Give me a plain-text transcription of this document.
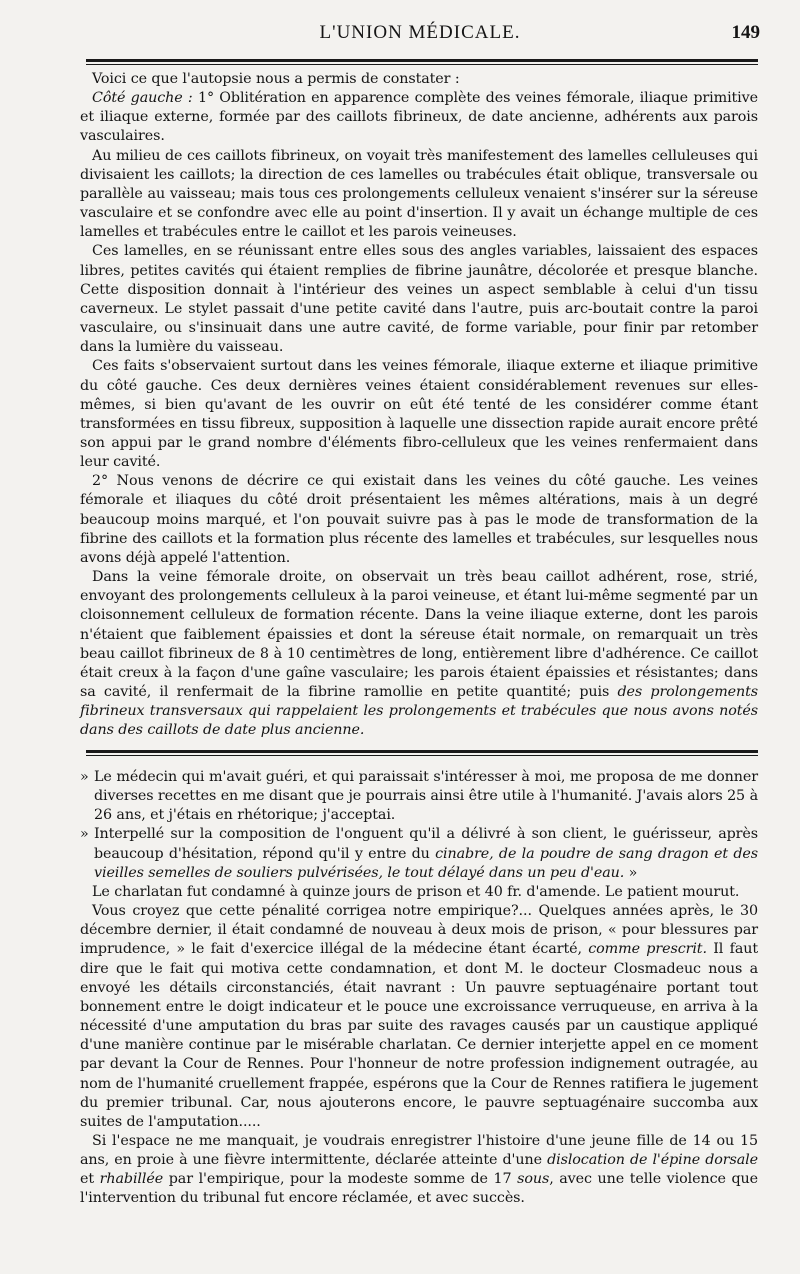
L'UNION MÉDICALE.	149

Voici ce que l'autopsie nous a permis de constater :

Côté gauche : 1° Oblitération en apparence complète des veines fémorale, iliaque primitive et iliaque externe, formée par des caillots fibrineux, de date ancienne, adhérents aux parois vasculaires.

Au milieu de ces caillots fibrineux, on voyait très manifestement des lamelles celluleuses qui divisaient les caillots; la direction de ces lamelles ou trabécules était oblique, transversale ou parallèle au vaisseau; mais tous ces prolongements celluleux venaient s'insérer sur la séreuse vasculaire et se confondre avec elle au point d'insertion. Il y avait un échange multiple de ces lamelles et trabécules entre le caillot et les parois veineuses.

Ces lamelles, en se réunissant entre elles sous des angles variables, laissaient des espaces libres, petites cavités qui étaient remplies de fibrine jaunâtre, décolorée et presque blanche. Cette disposition donnait à l'intérieur des veines un aspect semblable à celui d'un tissu caverneux. Le stylet passait d'une petite cavité dans l'autre, puis arc-boutait contre la paroi vasculaire, ou s'insinuait dans une autre cavité, de forme variable, pour finir par retomber dans la lumière du vaisseau.

Ces faits s'observaient surtout dans les veines fémorale, iliaque externe et iliaque primitive du côté gauche. Ces deux dernières veines étaient considérablement revenues sur elles-mêmes, si bien qu'avant de les ouvrir on eût été tenté de les considérer comme étant transformées en tissu fibreux, supposition à laquelle une dissection rapide aurait encore prêté son appui par le grand nombre d'éléments fibro-celluleux que les veines renfermaient dans leur cavité.

2° Nous venons de décrire ce qui existait dans les veines du côté gauche. Les veines fémorale et iliaques du côté droit présentaient les mêmes altérations, mais à un degré beaucoup moins marqué, et l'on pouvait suivre pas à pas le mode de transformation de la fibrine des caillots et la formation plus récente des lamelles et trabécules, sur lesquelles nous avons déjà appelé l'attention.

Dans la veine fémorale droite, on observait un très beau caillot adhérent, rose, strié, envoyant des prolongements celluleux à la paroi veineuse, et étant lui-même segmenté par un cloisonnement celluleux de formation récente. Dans la veine iliaque externe, dont les parois n'étaient que faiblement épaissies et dont la séreuse était normale, on remarquait un très beau caillot fibrineux de 8 à 10 centimètres de long, entièrement libre d'adhérence. Ce caillot était creux à la façon d'une gaîne vasculaire; les parois étaient épaissies et résistantes; dans sa cavité, il renfermait de la fibrine ramollie en petite quantité; puis des prolongements fibrineux transversaux qui rappelaient les prolongements et trabécules que nous avons notés dans des caillots de date plus ancienne.

» Le médecin qui m'avait guéri, et qui paraissait s'intéresser à moi, me proposa de me donner diverses recettes en me disant que je pourrais ainsi être utile à l'humanité. J'avais alors 25 à 26 ans, et j'étais en rhétorique; j'acceptai.

» Interpellé sur la composition de l'onguent qu'il a délivré à son client, le guérisseur, après beaucoup d'hésitation, répond qu'il y entre du cinabre, de la poudre de sang dragon et des vieilles semelles de souliers pulvérisées, le tout délayé dans un peu d'eau. »

Le charlatan fut condamné à quinze jours de prison et 40 fr. d'amende. Le patient mourut.

Vous croyez que cette pénalité corrigea notre empirique?... Quelques années après, le 30 décembre dernier, il était condamné de nouveau à deux mois de prison, « pour blessures par imprudence, » le fait d'exercice illégal de la médecine étant écarté, comme prescrit. Il faut dire que le fait qui motiva cette condamnation, et dont M. le docteur Closmadeuc nous a envoyé les détails circonstanciés, était navrant : Un pauvre septuagénaire portant tout bonnement entre le doigt indicateur et le pouce une excroissance verruqueuse, en arriva à la nécessité d'une amputation du bras par suite des ravages causés par un caustique appliqué d'une manière continue par le misérable charlatan. Ce dernier interjette appel en ce moment par devant la Cour de Rennes. Pour l'honneur de notre profession indignement outragée, au nom de l'humanité cruellement frappée, espérons que la Cour de Rennes ratifiera le jugement du premier tribunal. Car, nous ajouterons encore, le pauvre septuagénaire succomba aux suites de l'amputation.....

Si l'espace ne me manquait, je voudrais enregistrer l'histoire d'une jeune fille de 14 ou 15 ans, en proie à une fièvre intermittente, déclarée atteinte d'une dislocation de l'épine dorsale et rhabillée par l'empirique, pour la modeste somme de 17 sous, avec une telle violence que l'intervention du tribunal fut encore réclamée, et avec succès.
